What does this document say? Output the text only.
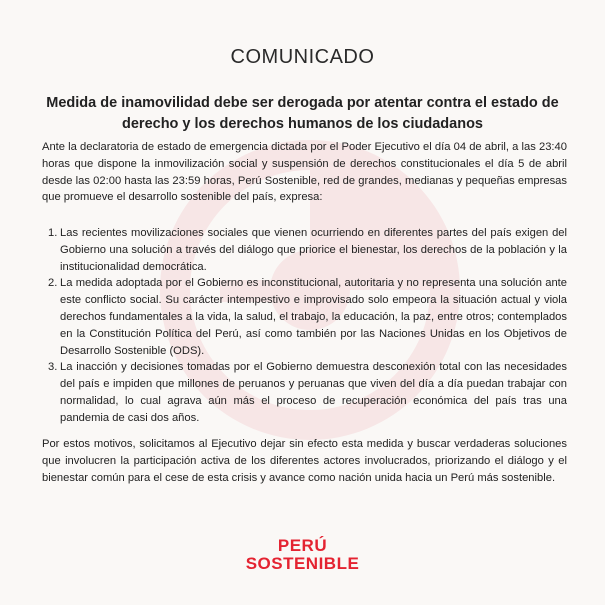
COMUNICADO
Medida de inamovilidad debe ser derogada por atentar contra el estado de derecho y los derechos humanos de los ciudadanos

Ante la declaratoria de estado de emergencia dictada por el Poder Ejecutivo el día 04 de abril, a las 23:40 horas que dispone la inmovilización social y suspensión de derechos constitucionales el día 5 de abril desde las 02:00 hasta las 23:59 horas, Perú Sostenible, red de grandes, medianas y pequeñas empresas que promueve el desarrollo sostenible del país, expresa:

1. Las recientes movilizaciones sociales que vienen ocurriendo en diferentes partes del país exigen del Gobierno una solución a través del diálogo que priorice el bienestar, los derechos de la población y la institucionalidad democrática.
2. La medida adoptada por el Gobierno es inconstitucional, autoritaria y no representa una solución ante este conflicto social. Su carácter intempestivo e improvisado solo empeora la situación actual y viola derechos fundamentales a la vida, la salud, el trabajo, la educación, la paz, entre otros; contemplados en la Constitución Política del Perú, así como también por las Naciones Unidas en los Objetivos de Desarrollo Sostenible (ODS).
3. La inacción y decisiones tomadas por el Gobierno demuestra desconexión total con las necesidades del país e impiden que millones de peruanos y peruanas que viven del día a día puedan trabajar con normalidad, lo cual agrava aún más el proceso de recuperación económica del país tras una pandemia de casi dos años.

Por estos motivos, solicitamos al Ejecutivo dejar sin efecto esta medida y buscar verdaderas soluciones que involucren la participación activa de los diferentes actores involucrados, priorizando el diálogo y el bienestar común para el cese de esta crisis y avance como nación unida hacia un Perú más sostenible.

PERÚ
SOSTENIBLE
